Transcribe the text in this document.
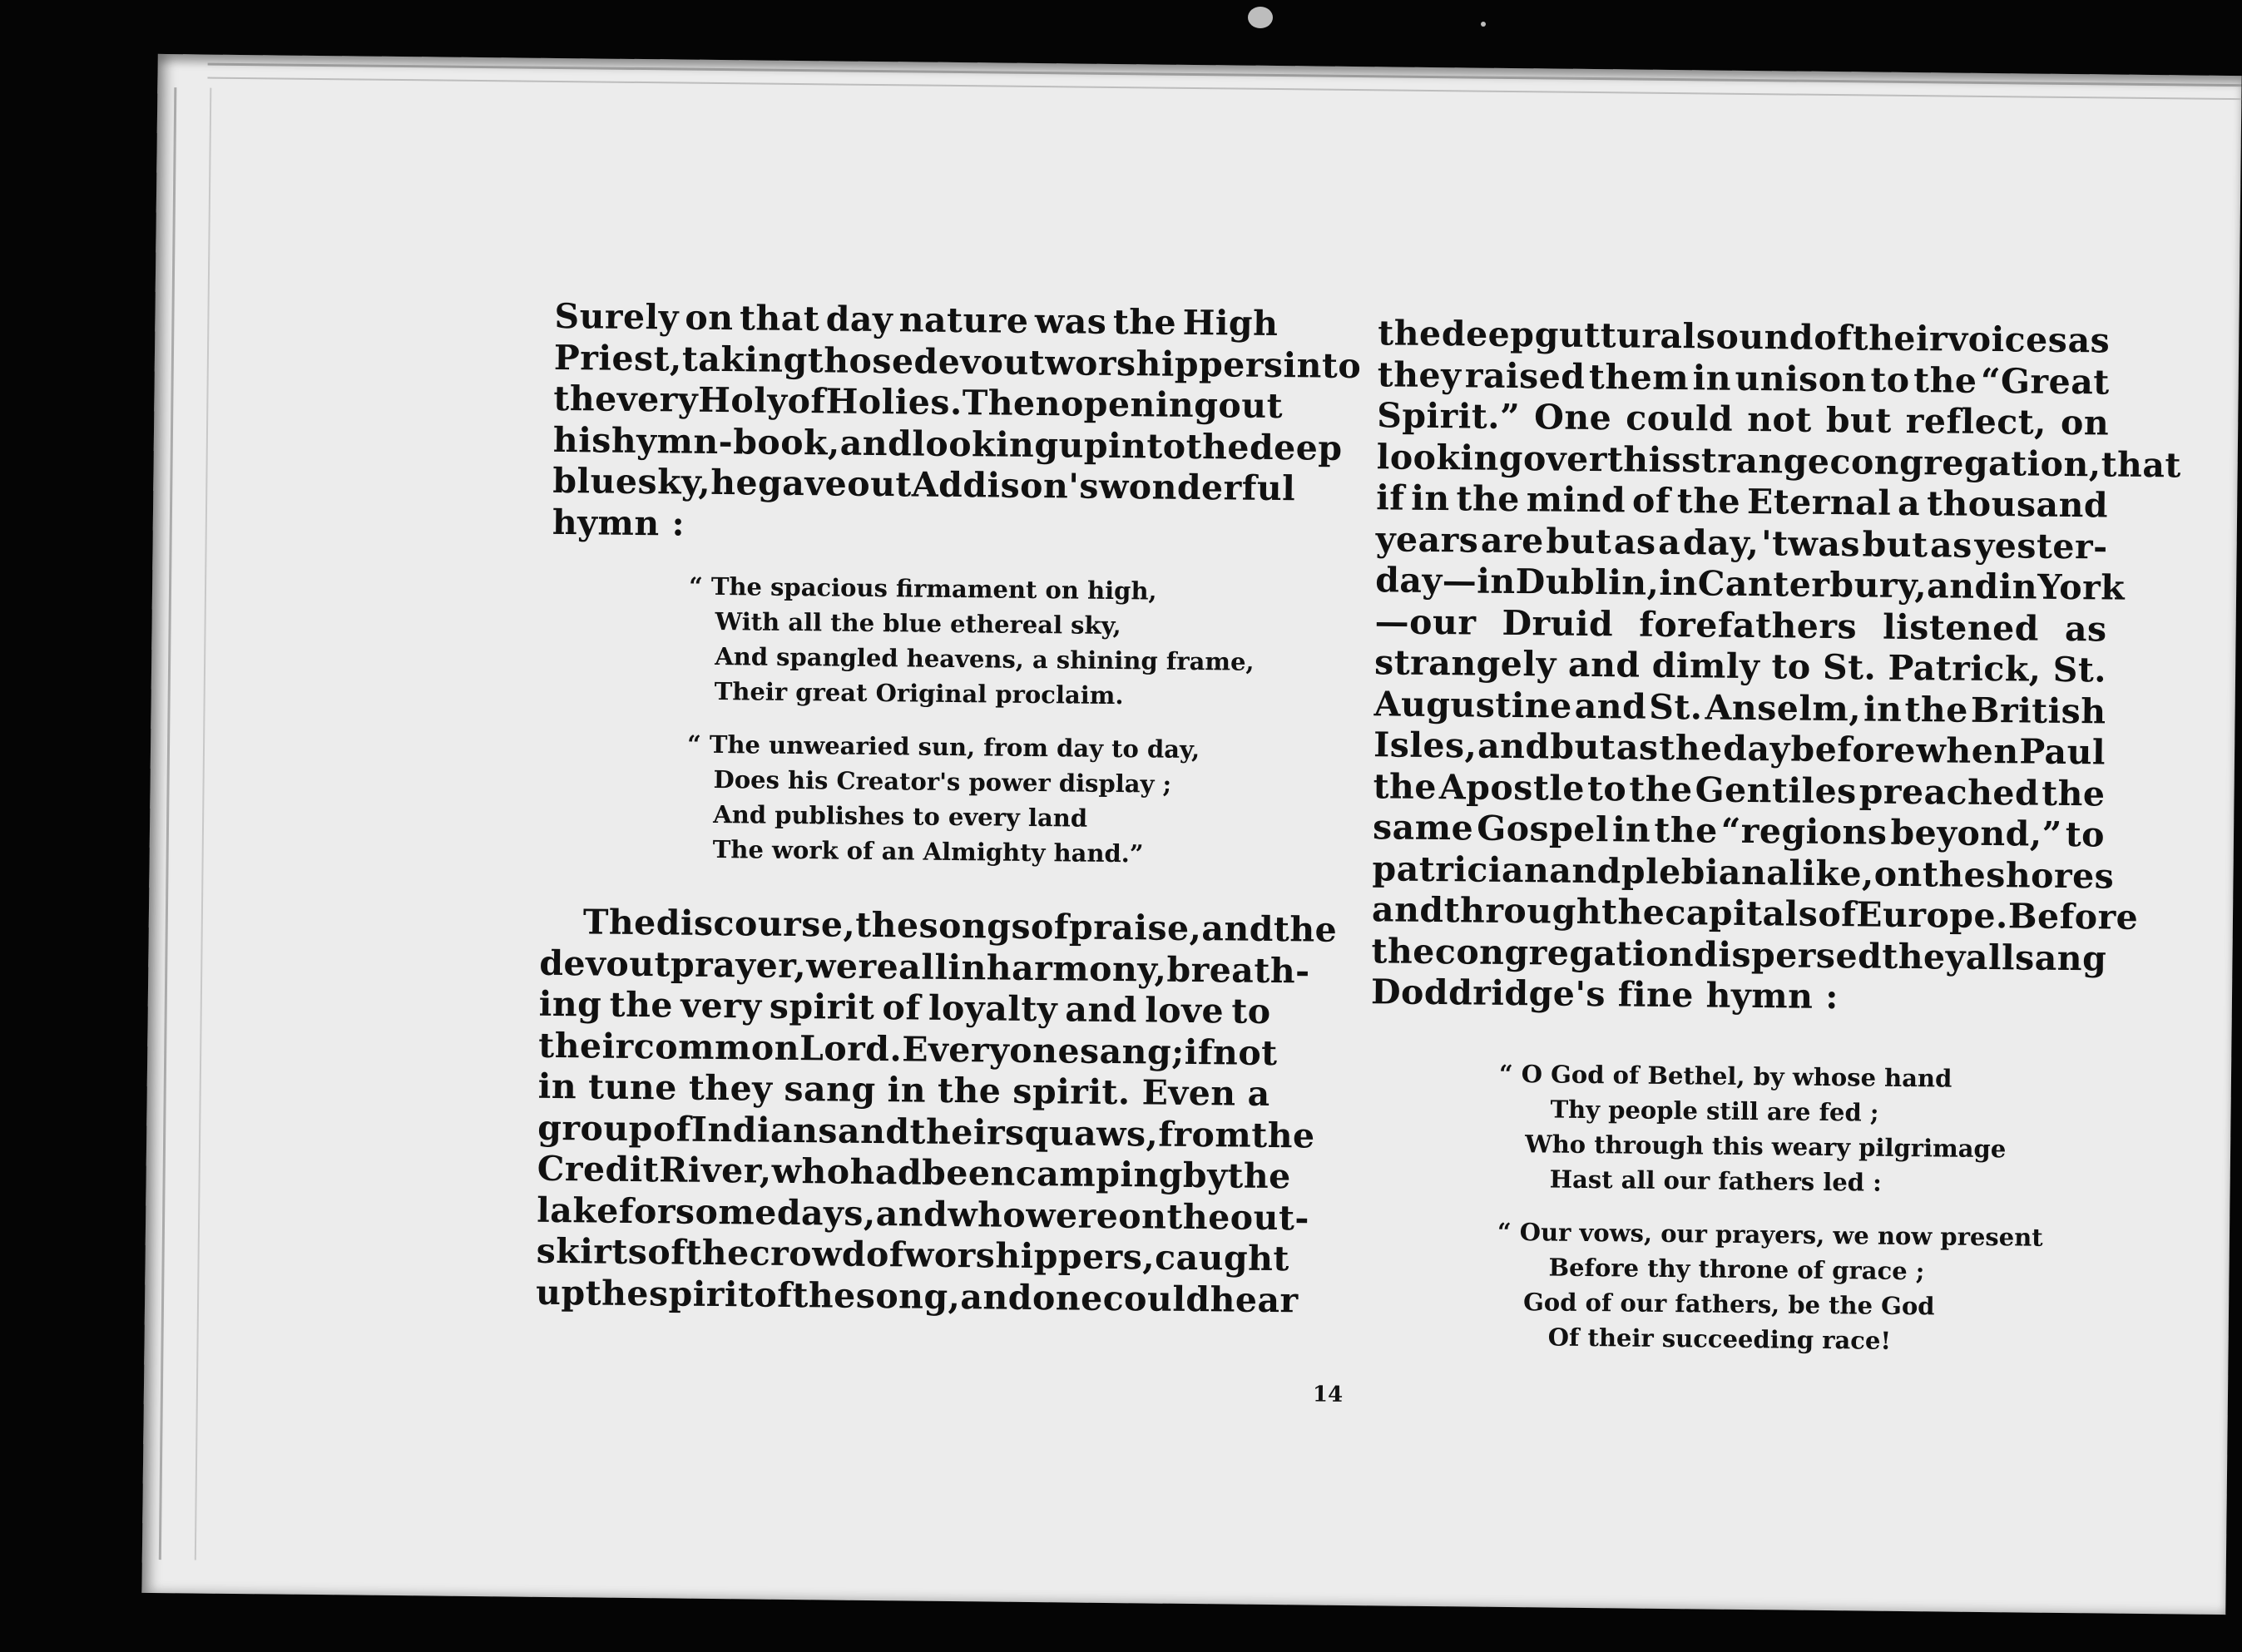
Surely on that day nature was the High
Priest, taking those devout worshippers into
the very Holy of Holies. Then opening out
his hymn-book, and looking up into the deep
blue sky, he gave out Addison's wonderful
hymn :
“ The spacious firmament on high,
With all the blue ethereal sky,
And spangled heavens, a shining frame,
Their great Original proclaim.
“ The unwearied sun, from day to day,
Does his Creator's power display ;
And publishes to every land
The work of an Almighty hand.”
The discourse, the songs of praise, and the
devout prayer, were all in harmony, breath-
ing the very spirit of loyalty and love to
their common Lord. Everyone sang; if not
in tune they sang in the spirit. Even a
group of Indians and their squaws, from the
Credit River, who had been camping by the
lake for some days, and who were on the out-
skirts of the crowd of worshippers, caught
up the spirit of the song, and one could hear
the deep guttural sound of their voices as
they raised them in unison to the “Great
Spirit.” One could not but reflect, on
looking over this strange congregation, that
if in the mind of the Eternal a thousand
years are but as a day, 'twas but as yester-
day—in Dublin, in Canterbury, and in York
—our Druid forefathers listened as
strangely and dimly to St. Patrick, St.
Augustine and St. Anselm, in the British
Isles, and but as the day before when Paul
the Apostle to the Gentiles preached the
same Gospel in the “regions beyond,” to
patrician and plebian alike, on the shores
and through the capitals of Europe. Before
the congregation dispersed they all sang
Doddridge's fine hymn :
“ O God of Bethel, by whose hand
Thy people still are fed ;
Who through this weary pilgrimage
Hast all our fathers led :
“ Our vows, our prayers, we now present
Before thy throne of grace ;
God of our fathers, be the God
Of their succeeding race!
14
